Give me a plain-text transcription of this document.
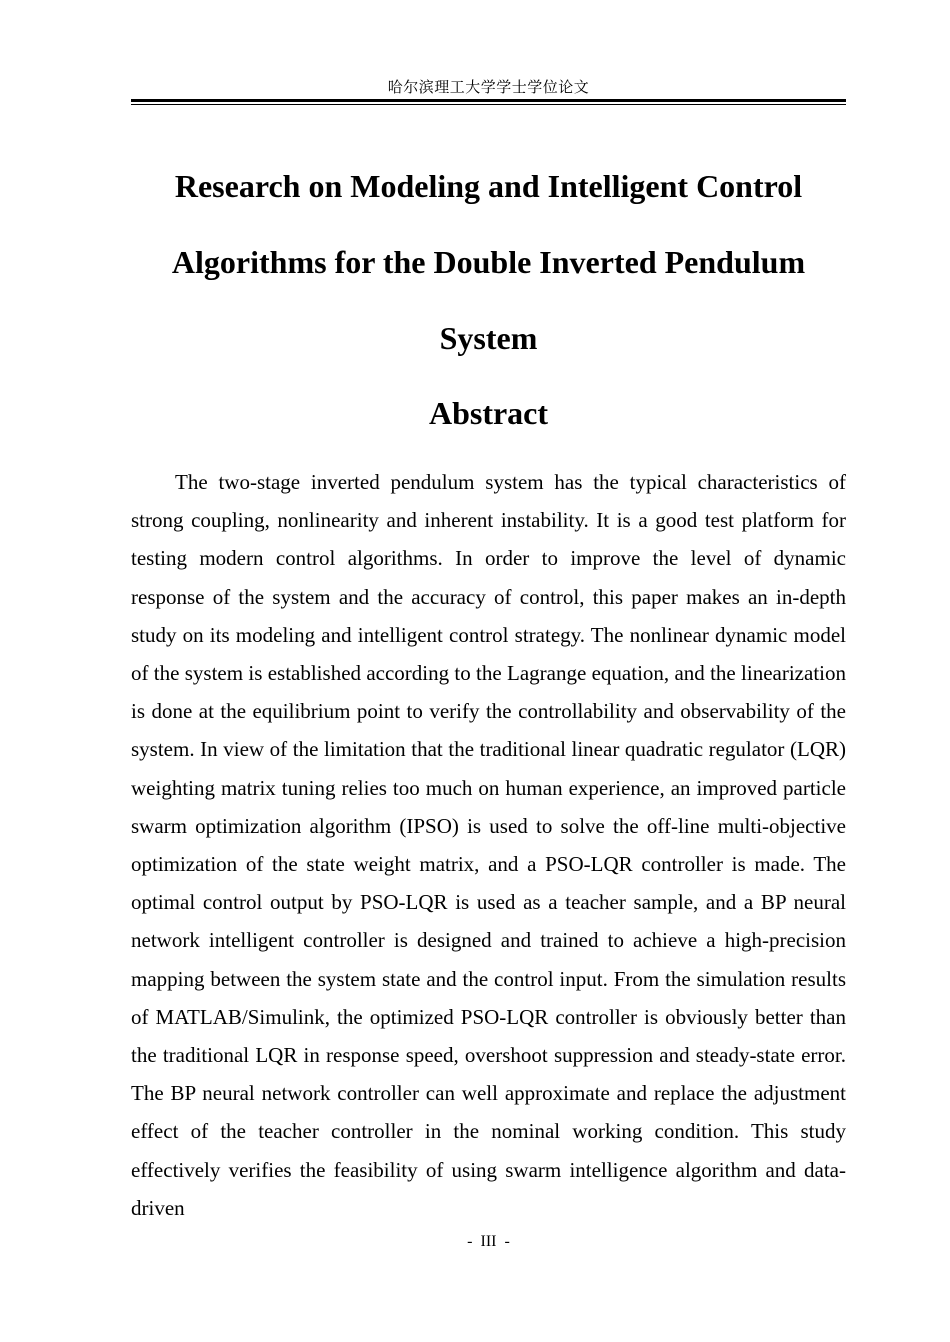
哈尔滨理工大学学士学位论文
Research on Modeling and Intelligent Control
Algorithms for the Double Inverted Pendulum
System
Abstract

The two-stage inverted pendulum system has the typical characteristics of strong coupling, nonlinearity and inherent instability. It is a good test platform for testing modern control algorithms. In order to improve the level of dynamic response of the system and the accuracy of control, this paper makes an in-depth study on its modeling and intelligent control strategy. The nonlinear dynamic model of the system is established according to the Lagrange equation, and the linearization is done at the equilibrium point to verify the controllability and observability of the system. In view of the limitation that the traditional linear quadratic regulator (LQR) weighting matrix tuning relies too much on human experience, an improved particle swarm optimization algorithm (IPSO) is used to solve the off-line multi-objective optimization of the state weight matrix, and a PSO-LQR controller is made. The optimal control output by PSO-LQR is used as a teacher sample, and a BP neural network intelligent controller is designed and trained to achieve a high-precision mapping between the system state and the control input. From the simulation results of MATLAB/Simulink, the optimized PSO-LQR controller is obviously better than the traditional LQR in response speed, overshoot suppression and steady-state error. The BP neural network controller can well approximate and replace the adjustment effect of the teacher controller in the nominal working condition. This study effectively verifies the feasibility of using swarm intelligence algorithm and data-driven

- III -
